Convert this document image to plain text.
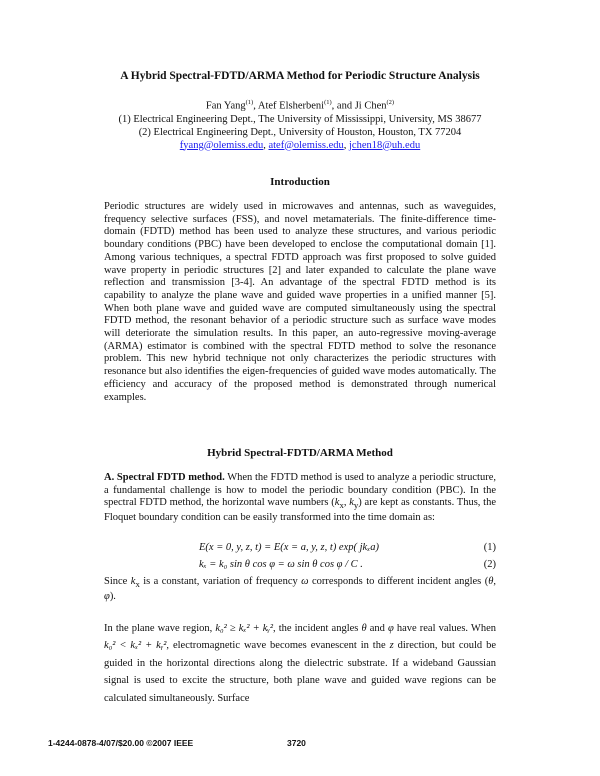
A Hybrid Spectral-FDTD/ARMA Method for Periodic Structure Analysis
Fan Yang$^{(1)}$, Atef Elsherbeni$^{(1)}$, and Ji Chen$^{(2)}$
(1) Electrical Engineering Dept., The University of Mississippi, University, MS 38677
(2) Electrical Engineering Dept., University of Houston, Houston, TX 77204
fyang@olemiss.edu, atef@olemiss.edu, jchen18@uh.edu
Introduction

Periodic structures are widely used in microwaves and antennas, such as waveguides, frequency selective surfaces (FSS), and novel metamaterials. The finite-difference time-domain (FDTD) method has been used to analyze these structures, and various periodic boundary conditions (PBC) have been developed to enclose the computational domain [1]. Among various techniques, a spectral FDTD approach was first proposed to solve guided wave property in periodic structures [2] and later expanded to calculate the plane wave reflection and transmission [3-4]. An advantage of the spectral FDTD method is its capability to analyze the plane wave and guided wave properties in a unified manner [5]. When both plane wave and guided wave are computed simultaneously using the spectral FDTD method, the resonant behavior of a periodic structure such as surface wave modes will deteriorate the simulation results. In this paper, an auto-regressive moving-average (ARMA) estimator is combined with the spectral FDTD method to solve the resonance problem. This new hybrid technique not only characterizes the periodic structures with resonance but also identifies the eigen-frequencies of guided wave modes automatically. The efficiency and accuracy of the proposed method is demonstrated through numerical examples.

Hybrid Spectral-FDTD/ARMA Method

A. Spectral FDTD method. When the FDTD method is used to analyze a periodic structure, a fundamental challenge is how to model the periodic boundary condition (PBC). In the spectral FDTD method, the horizontal wave numbers ($k_x$, $k_y$) are kept as constants. Thus, the Floquet boundary condition can be easily transformed into the time domain as:

E(x = 0, y, z, t) = E(x = a, y, z, t) exp( jkₓa)	(1)
kₓ = k₀ sin θ cos φ = ω sin θ cos φ / C .	(2)

Since $k_x$ is a constant, variation of frequency ω corresponds to different incident angles (θ, φ).

In the plane wave region, k₀² ≥ kₓ² + kᵧ², the incident angles θ and φ have real values. When k₀² < kₓ² + kᵧ², electromagnetic wave becomes evanescent in the z direction, but could be guided in the horizontal directions along the dielectric substrate. If a wideband Gaussian signal is used to excite the structure, both plane wave and guided wave regions can be calculated simultaneously. Surface

1-4244-0878-4/07/$20.00 ©2007 IEEE	3720
